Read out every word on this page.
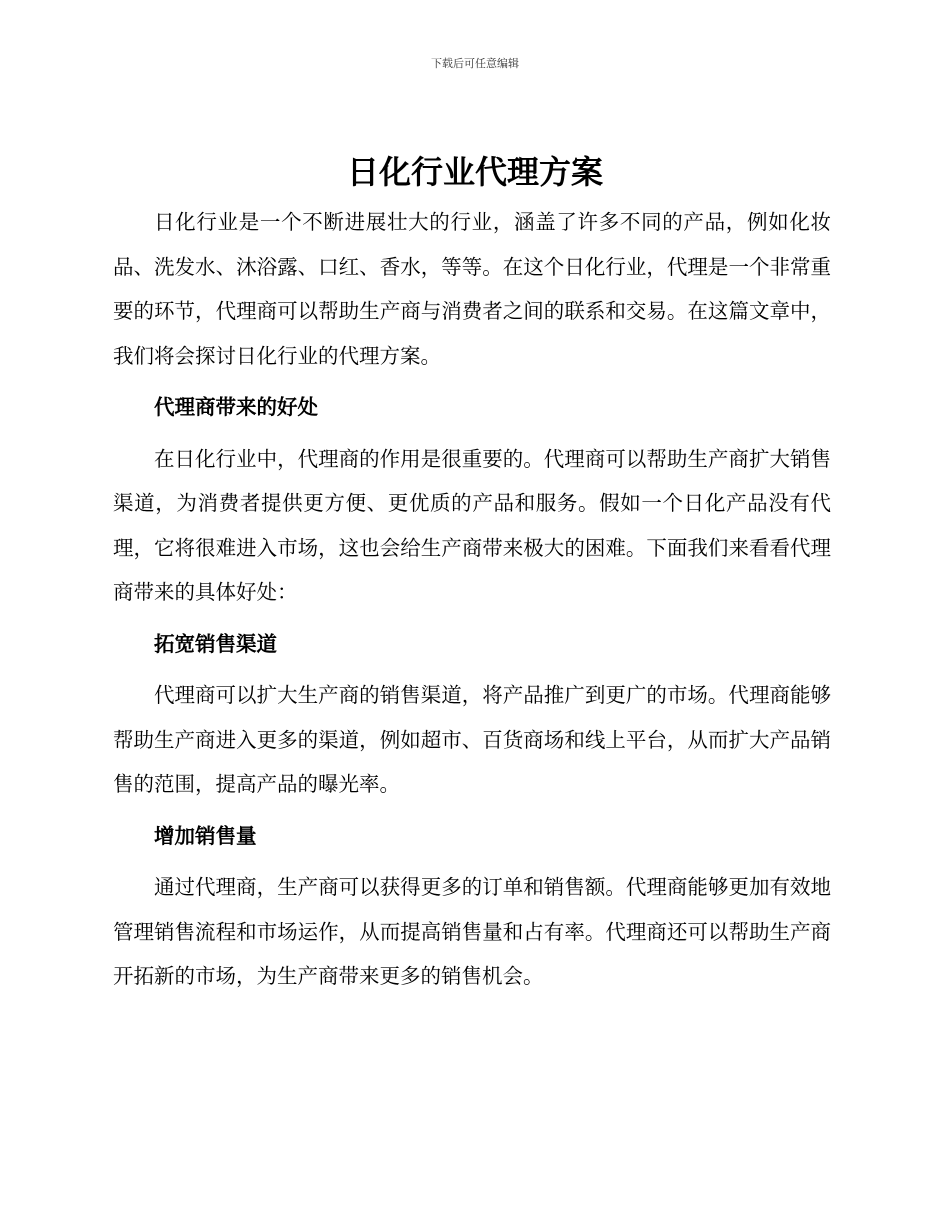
下载后可任意编辑
日化行业代理方案

日化行业是一个不断进展壮大的行业，涵盖了许多不同的产品，例如化妆品、洗发水、沐浴露、口红、香水，等等。在这个日化行业，代理是一个非常重要的环节，代理商可以帮助生产商与消费者之间的联系和交易。在这篇文章中，我们将会探讨日化行业的代理方案。

代理商带来的好处

在日化行业中，代理商的作用是很重要的。代理商可以帮助生产商扩大销售渠道，为消费者提供更方便、更优质的产品和服务。假如一个日化产品没有代理，它将很难进入市场，这也会给生产商带来极大的困难。下面我们来看看代理商带来的具体好处：

拓宽销售渠道

代理商可以扩大生产商的销售渠道，将产品推广到更广的市场。代理商能够帮助生产商进入更多的渠道，例如超市、百货商场和线上平台，从而扩大产品销售的范围，提高产品的曝光率。

增加销售量

通过代理商，生产商可以获得更多的订单和销售额。代理商能够更加有效地管理销售流程和市场运作，从而提高销售量和占有率。代理商还可以帮助生产商开拓新的市场，为生产商带来更多的销售机会。
